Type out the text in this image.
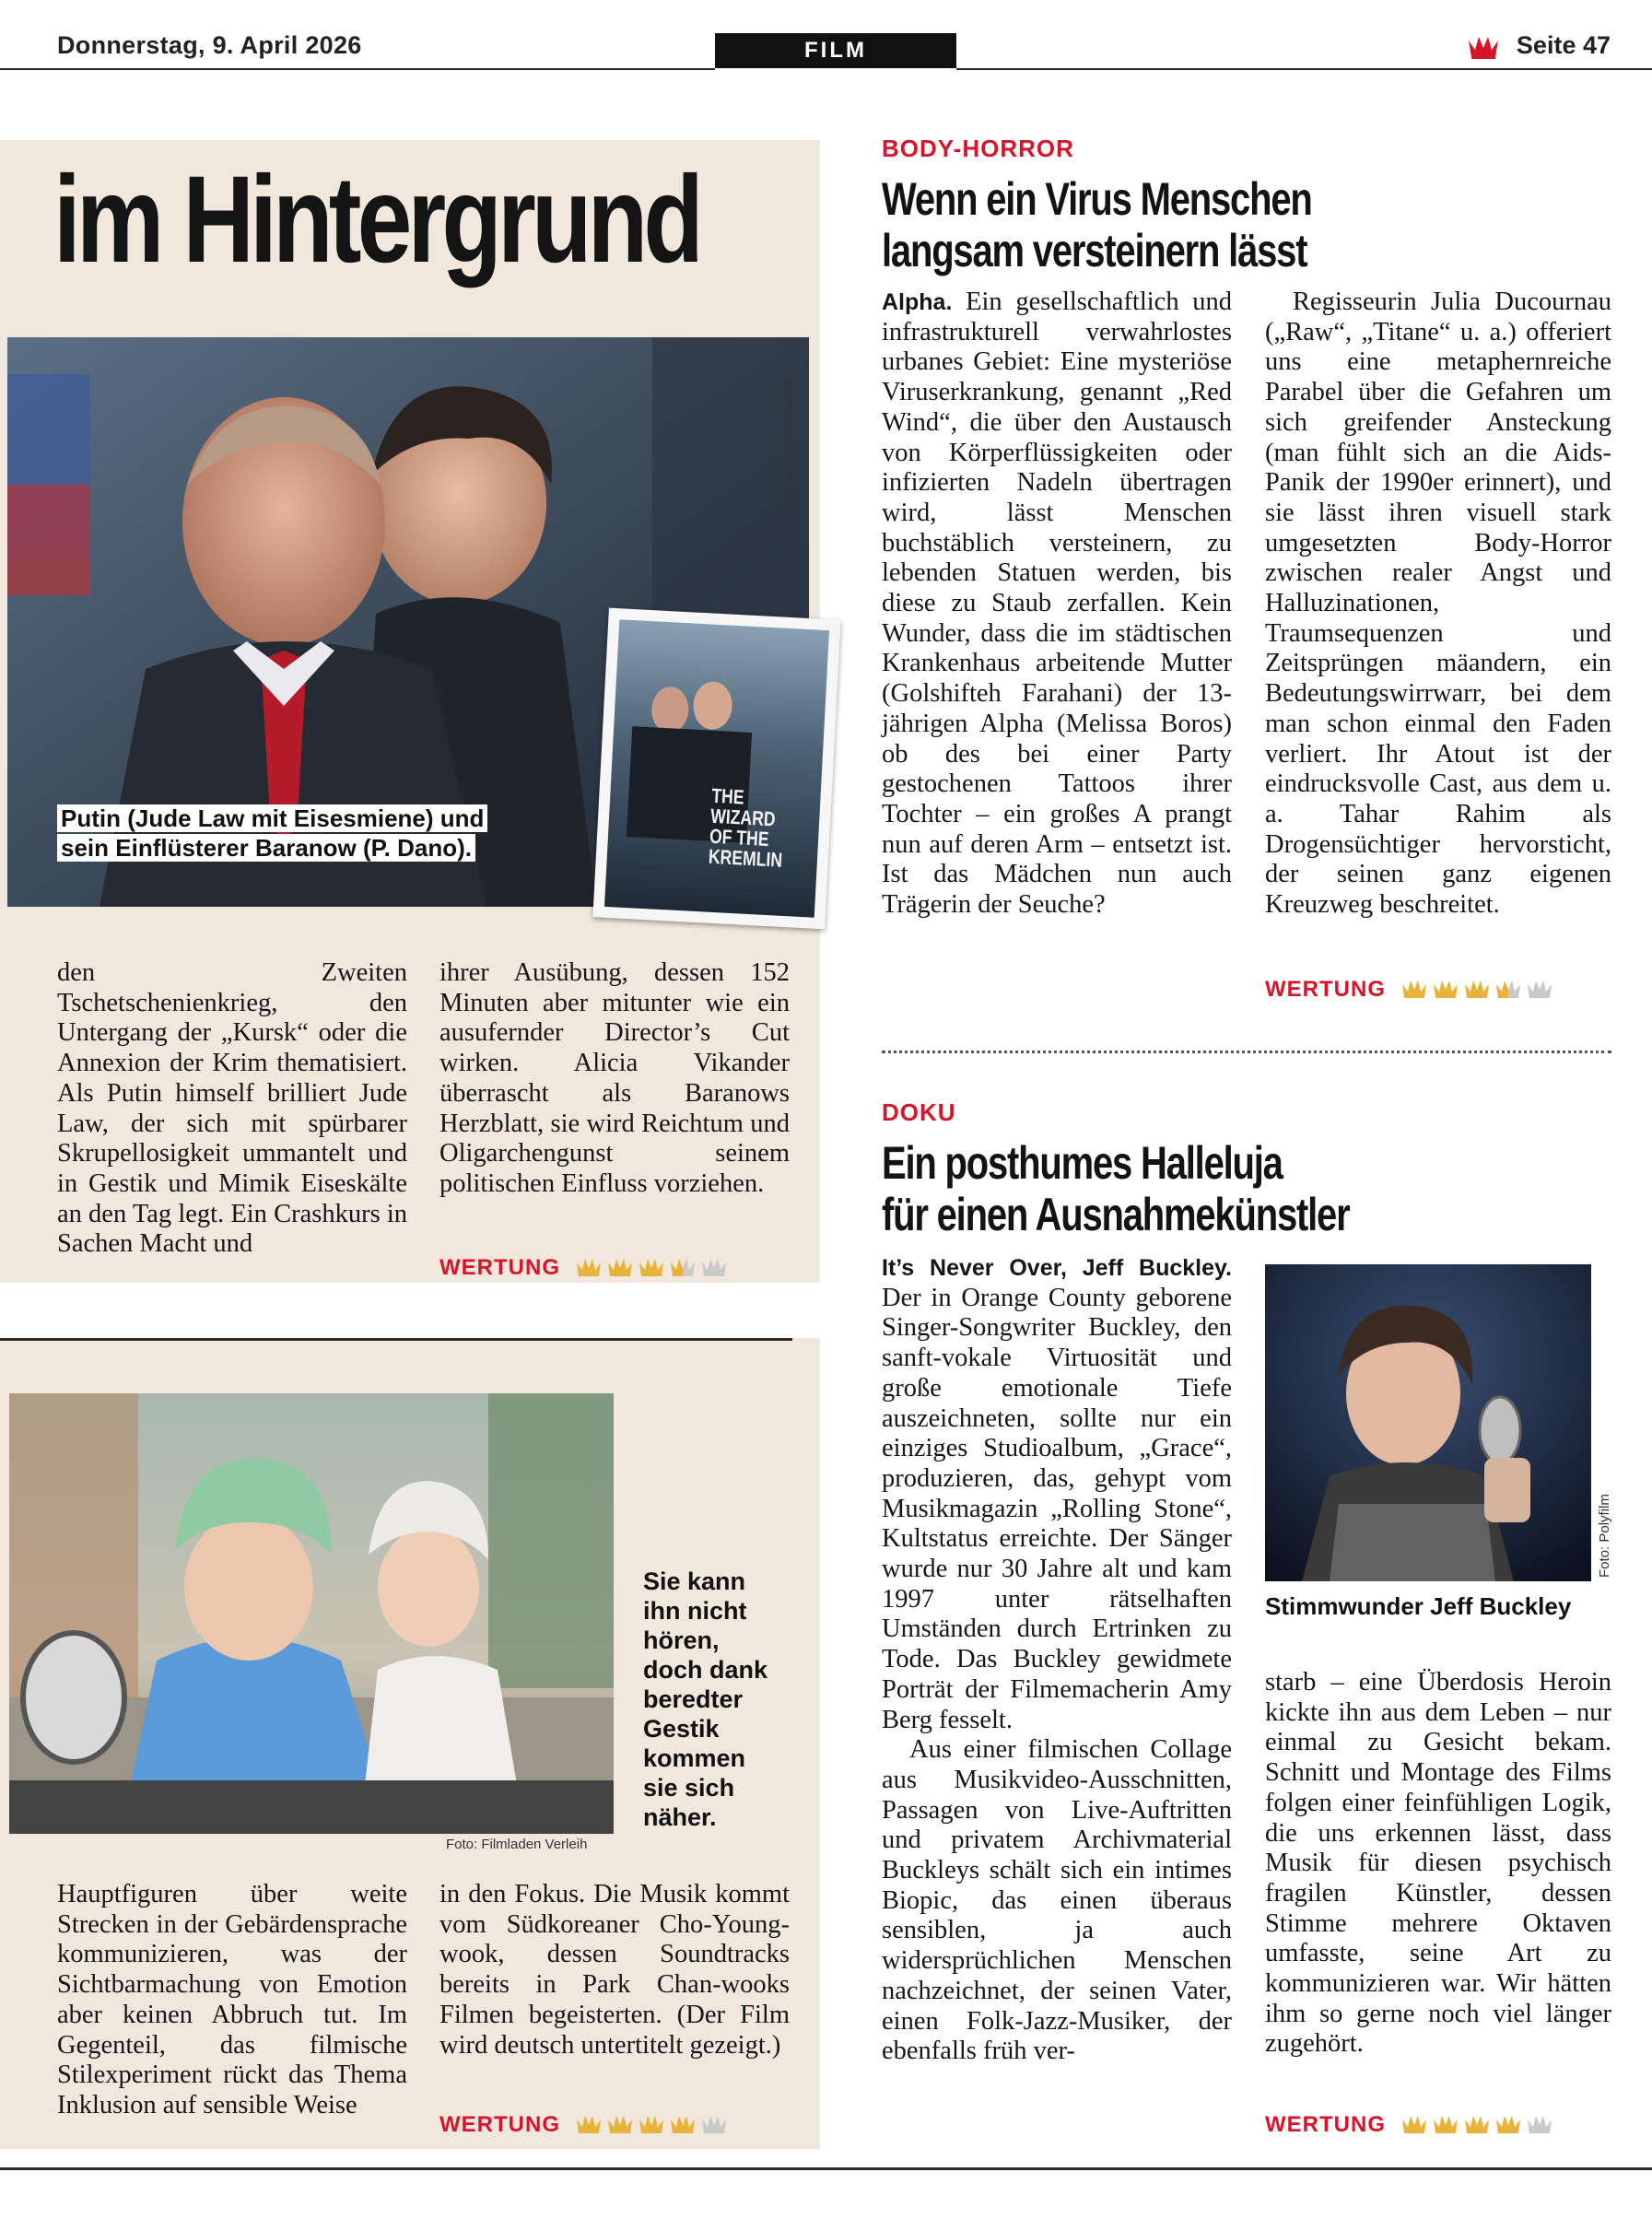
Donnerstag, 9. April 2026	FILM	Seite 47
im Hintergrund
Fotos: Constantinfilm
Putin (Jude Law mit Eisesmiene) und
sein Einflüsterer Baranow (P. Dano).
THE
WIZARD
OF THE
KREMLIN
den Zweiten Tschetschenienkrieg, den Untergang der „Kursk“ oder die Annexion der Krim thematisiert. Als Putin himself brilliert Jude Law, der sich mit spürbarer Skrupellosigkeit ummantelt und in Gestik und Mimik Eiseskälte an den Tag legt. Ein Crashkurs in Sachen Macht und
ihrer Ausübung, dessen 152 Minuten aber mitunter wie ein ausufernder Director’s Cut wirken. Alicia Vikander überrascht als Baranows Herzblatt, sie wird Reichtum und Oligarchengunst seinem politischen Einfluss vorziehen.
WERTUNG
Foto: Filmladen Verleih
Sie kann ihn nicht hören, doch dank beredter Gestik kommen sie sich näher.
Hauptfiguren über weite Strecken in der Gebärdensprache kommunizieren, was der Sichtbarmachung von Emotion aber keinen Abbruch tut. Im Gegenteil, das filmische Stilexperiment rückt das Thema Inklusion auf sensible Weise
in den Fokus. Die Musik kommt vom Südkoreaner Cho-Young-wook, dessen Soundtracks bereits in Park Chan-wooks Filmen begeisterten. (Der Film wird deutsch untertitelt gezeigt.)
WERTUNG
BODY-HORROR
Wenn ein Virus Menschen
langsam versteinern lässt
Alpha. Ein gesellschaftlich und infrastrukturell verwahrlostes urbanes Gebiet: Eine mysteriöse Viruserkrankung, genannt „Red Wind“, die über den Austausch von Körperflüssigkeiten oder infizierten Nadeln übertragen wird, lässt Menschen buchstäblich versteinern, zu lebenden Statuen werden, bis diese zu Staub zerfallen. Kein Wunder, dass die im städtischen Krankenhaus arbeitende Mutter (Golshifteh Farahani) der 13-jährigen Alpha (Melissa Boros) ob des bei einer Party gestochenen Tattoos ihrer Tochter – ein großes A prangt nun auf deren Arm – entsetzt ist. Ist das Mädchen nun auch Trägerin der Seuche?
Regisseurin Julia Ducournau („Raw“, „Titane“ u. a.) offeriert uns eine metaphernreiche Parabel über die Gefahren um sich greifender Ansteckung (man fühlt sich an die Aids-Panik der 1990er erinnert), und sie lässt ihren visuell stark umgesetzten Body-Horror zwischen realer Angst und Halluzinationen, Traumsequenzen und Zeitsprüngen mäandern, ein Bedeutungswirrwarr, bei dem man schon einmal den Faden verliert. Ihr Atout ist der eindrucksvolle Cast, aus dem u. a. Tahar Rahim als Drogensüchtiger hervorsticht, der seinen ganz eigenen Kreuzweg beschreitet.
WERTUNG
DOKU
Ein posthumes Halleluja
für einen Ausnahmekünstler

It’s Never Over, Jeff Buckley. Der in Orange County geborene Singer-Songwriter Buckley, den sanft-vokale Virtuosität und große emotionale Tiefe auszeichneten, sollte nur ein einziges Studioalbum, „Grace“, produzieren, das, gehypt vom Musikmagazin „Rolling Stone“, Kultstatus erreichte. Der Sänger wurde nur 30 Jahre alt und kam 1997 unter rätselhaften Umständen durch Ertrinken zu Tode. Das Buckley gewidmete Porträt der Filmemacherin Amy Berg fesselt.

Aus einer filmischen Collage aus Musikvideo-Ausschnitten, Passagen von Live-Auftritten und privatem Archivmaterial Buckleys schält sich ein intimes Biopic, das einen überaus sensiblen, ja auch widersprüchlichen Menschen nachzeichnet, der seinen Vater, einen Folk-Jazz-Musiker, der ebenfalls früh ver-

Foto: Polyfilm
Stimmwunder Jeff Buckley
starb – eine Überdosis Heroin kickte ihn aus dem Leben – nur einmal zu Gesicht bekam. Schnitt und Montage des Films folgen einer feinfühligen Logik, die uns erkennen lässt, dass Musik für diesen psychisch fragilen Künstler, dessen Stimme mehrere Oktaven umfasste, seine Art zu kommunizieren war. Wir hätten ihm so gerne noch viel länger zugehört.
WERTUNG
